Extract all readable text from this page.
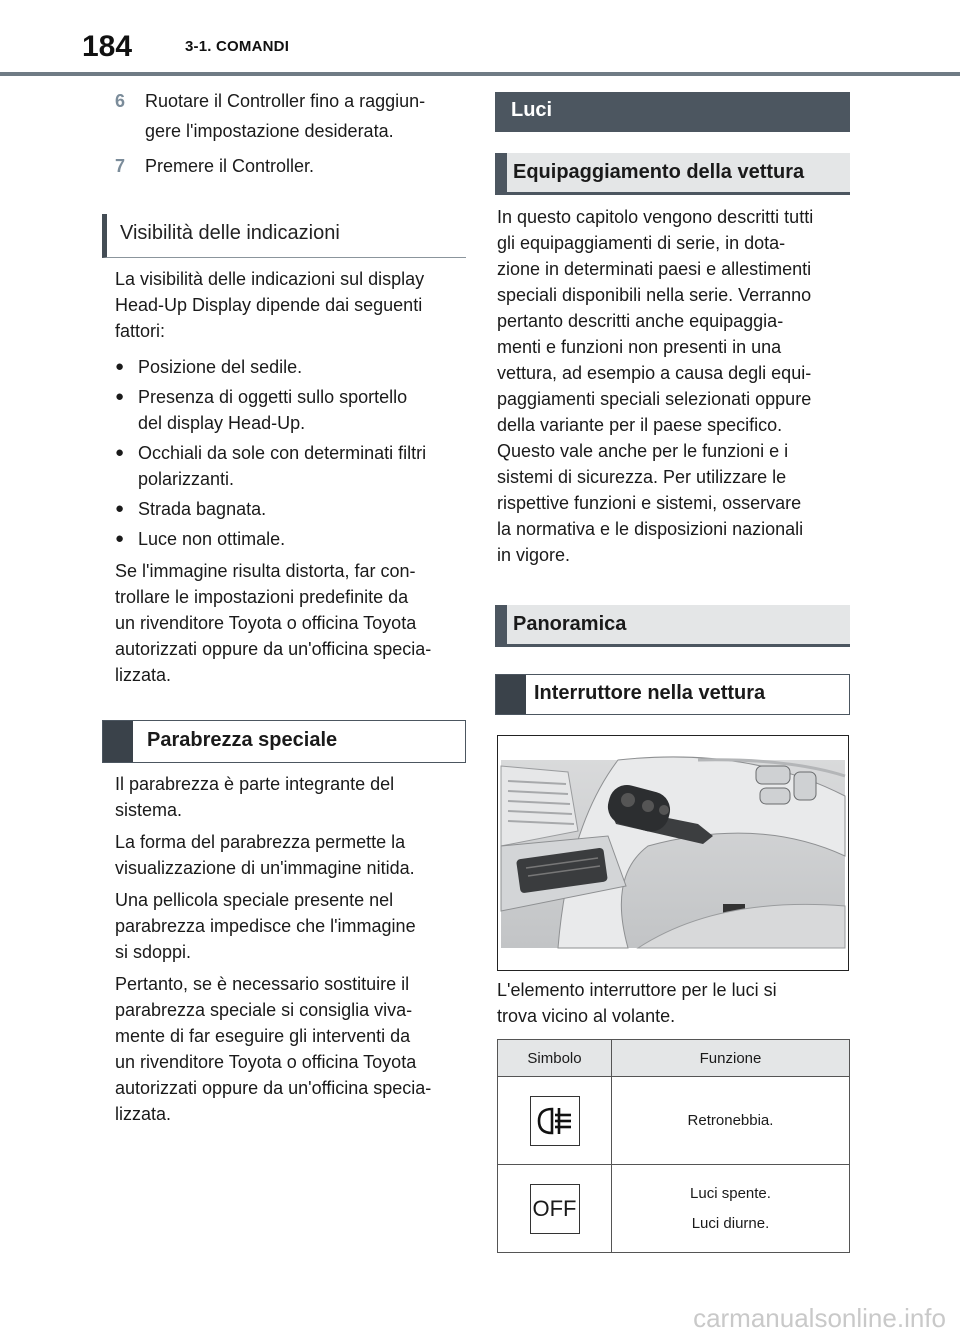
184	3-1. COMANDI
6	Ruotare il Controller fino a raggiun-
gere l'impostazione desiderata.
7	Premere il Controller.
Visibilità delle indicazioni

La visibilità delle indicazioni sul display
Head-Up Display dipende dai seguenti
fattori:

● Posizione del sedile.
● Presenza di oggetti sullo sportello
del display Head-Up.
● Occhiali da sole con determinati filtri
polarizzanti.
● Strada bagnata.
● Luce non ottimale.

Se l'immagine risulta distorta, far con-
trollare le impostazioni predefinite da
un rivenditore Toyota o officina Toyota
autorizzati oppure da un'officina specia-
lizzata.

Parabrezza speciale

Il parabrezza è parte integrante del
sistema.

La forma del parabrezza permette la
visualizzazione di un'immagine nitida.

Una pellicola speciale presente nel
parabrezza impedisce che l'immagine
si sdoppi.

Pertanto, se è necessario sostituire il
parabrezza speciale si consiglia viva-
mente di far eseguire gli interventi da
un rivenditore Toyota o officina Toyota
autorizzati oppure da un'officina specia-
lizzata.

Luci
Equipaggiamento della vettura

In questo capitolo vengono descritti tutti
gli equipaggiamenti di serie, in dota-
zione in determinati paesi e allestimenti
speciali disponibili nella serie. Verranno
pertanto descritti anche equipaggia-
menti e funzioni non presenti in una
vettura, ad esempio a causa degli equi-
paggiamenti speciali selezionati oppure
della variante per il paese specifico.
Questo vale anche per le funzioni e i
sistemi di sicurezza. Per utilizzare le
rispettive funzioni e sistemi, osservare
la normativa e le disposizioni nazionali
in vigore.

Panoramica
Interruttore nella vettura

L'elemento interruttore per le luci si
trova vicino al volante.

Simbolo	Funzione

	Retronebbia.

OFF	Luci spente.
Luci diurne.
carmanualsonline.info
